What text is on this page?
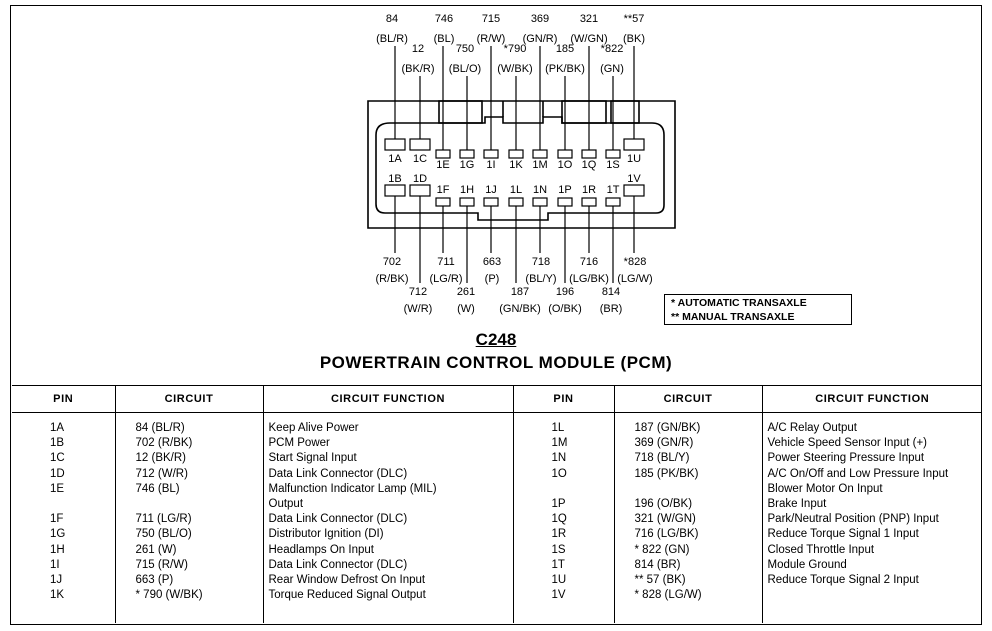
1A 1C 1E 1G 1I 1K 1M 1O 1Q 1S 1U
1B 1D
1F 1H 1J 1L 1N 1P 1R 1T
1V
84
(BL/R)
12
(BK/R)
746
(BL)
750
(BL/O)
715
(R/W)
*790
(W/BK)
369
(GN/R)
185
(PK/BK)
321
(W/GN)
*822
(GN)
**57
(BK)
702
(R/BK)
712
(W/R)
711
(LG/R)
261
(W)
663
(P)
187
(GN/BK)
718
(BL/Y)
196
(O/BK)
716
(LG/BK)
814
(BR)
*828
(LG/W)
* AUTOMATIC TRANSAXLE
** MANUAL TRANSAXLE
C248
POWERTRAIN CONTROL MODULE (PCM)
PIN	CIRCUIT	CIRCUIT FUNCTION	PIN	CIRCUIT	CIRCUIT FUNCTION

1A	84 (BL/R)	Keep Alive Power	1L	187 (GN/BK)	A/C Relay Output
1B	702 (R/BK)	PCM Power	1M	369 (GN/R)	Vehicle Speed Sensor Input (+)
1C	12 (BK/R)	Start Signal Input	1N	718 (BL/Y)	Power Steering Pressure Input
1D	712 (W/R)	Data Link Connector (DLC)	1O	185 (PK/BK)	A/C On/Off and Low Pressure Input
1E	746 (BL)	Malfunction Indicator Lamp (MIL)			Blower Motor On Input
		Output	1P	196 (O/BK)	Brake Input
1F	711 (LG/R)	Data Link Connector (DLC)	1Q	321 (W/GN)	Park/Neutral Position (PNP) Input
1G	750 (BL/O)	Distributor Ignition (DI)	1R	716 (LG/BK)	Reduce Torque Signal 1 Input
1H	261 (W)	Headlamps On Input	1S	* 822 (GN)	Closed Throttle Input
1I	715 (R/W)	Data Link Connector (DLC)	1T	814 (BR)	Module Ground
1J	663 (P)	Rear Window Defrost On Input	1U	** 57 (BK)	Reduce Torque Signal 2 Input
1K	* 790 (W/BK)	Torque Reduced Signal Output	1V	* 828 (LG/W)	
